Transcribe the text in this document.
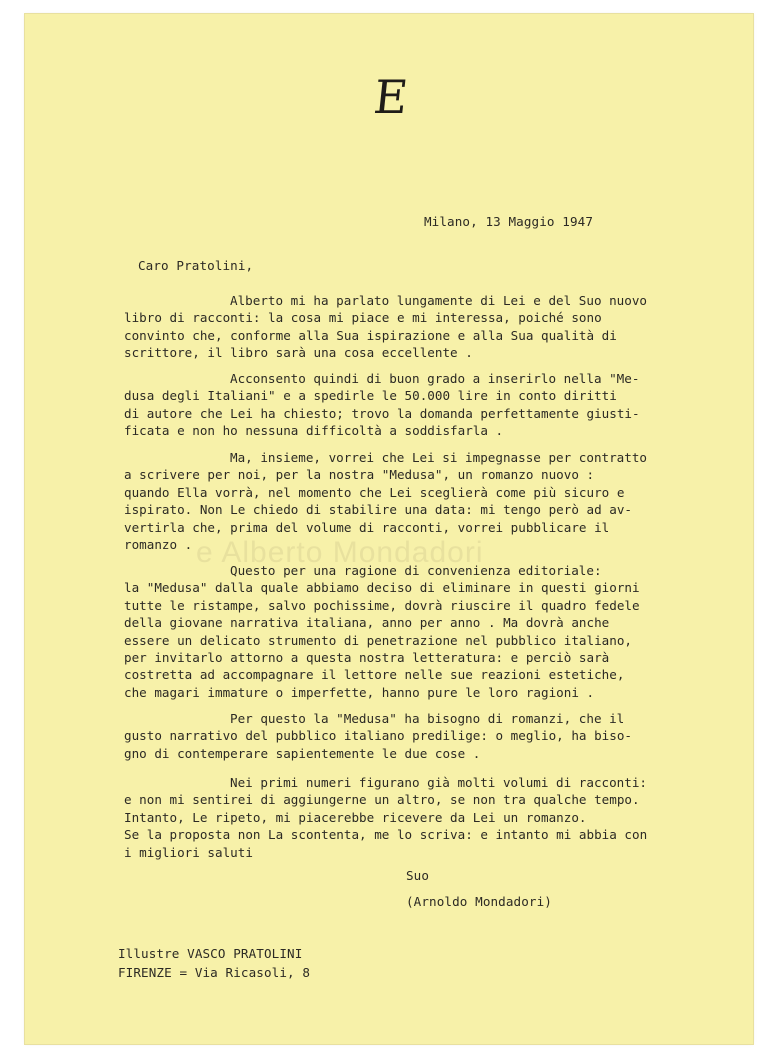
E
e Alberto Mondadori
Milano, 13 Maggio 1947
Caro Pratolini,

Alberto mi ha parlato lungamente di Lei e del Suo nuovo

libro di racconti: la cosa mi piace e mi interessa, poiché sono

convinto che, conforme alla Sua ispirazione e alla Sua qualità di

scrittore, il libro sarà una cosa eccellente .

Acconsento quindi di buon grado a inserirlo nella "Me-

dusa degli Italiani" e a spedirle le 50.000 lire in conto diritti

di autore che Lei ha chiesto; trovo la domanda perfettamente giusti-

ficata e non ho nessuna difficoltà a soddisfarla .

Ma, insieme, vorrei che Lei si impegnasse per contratto

a scrivere per noi, per la nostra "Medusa", un romanzo nuovo :

quando Ella vorrà, nel momento che Lei sceglierà come più sicuro e

ispirato. Non Le chiedo di stabilire una data: mi tengo però ad av-

vertirla che, prima del volume di racconti, vorrei pubblicare il

romanzo .

Questo per una ragione di convenienza editoriale:

la "Medusa" dalla quale abbiamo deciso di eliminare in questi giorni

tutte le ristampe, salvo pochissime, dovrà riuscire il quadro fedele

della giovane narrativa italiana, anno per anno . Ma dovrà anche

essere un delicato strumento di penetrazione nel pubblico italiano,

per invitarlo attorno a questa nostra letteratura: e perciò sarà

costretta ad accompagnare il lettore nelle sue reazioni estetiche,

che magari immature o imperfette, hanno pure le loro ragioni .

Per questo la "Medusa" ha bisogno di romanzi, che il

gusto narrativo del pubblico italiano predilige: o meglio, ha biso-

gno di contemperare sapientemente le due cose .

Nei primi numeri figurano già molti volumi di racconti:

e non mi sentirei di aggiungerne un altro, se non tra qualche tempo.

Intanto, Le ripeto, mi piacerebbe ricevere da Lei un romanzo.

Se la proposta non La scontenta, me lo scriva: e intanto mi abbia con

i migliori saluti

Suo
(Arnoldo Mondadori)
Illustre VASCO PRATOLINI
FIRENZE = Via Ricasoli, 8
